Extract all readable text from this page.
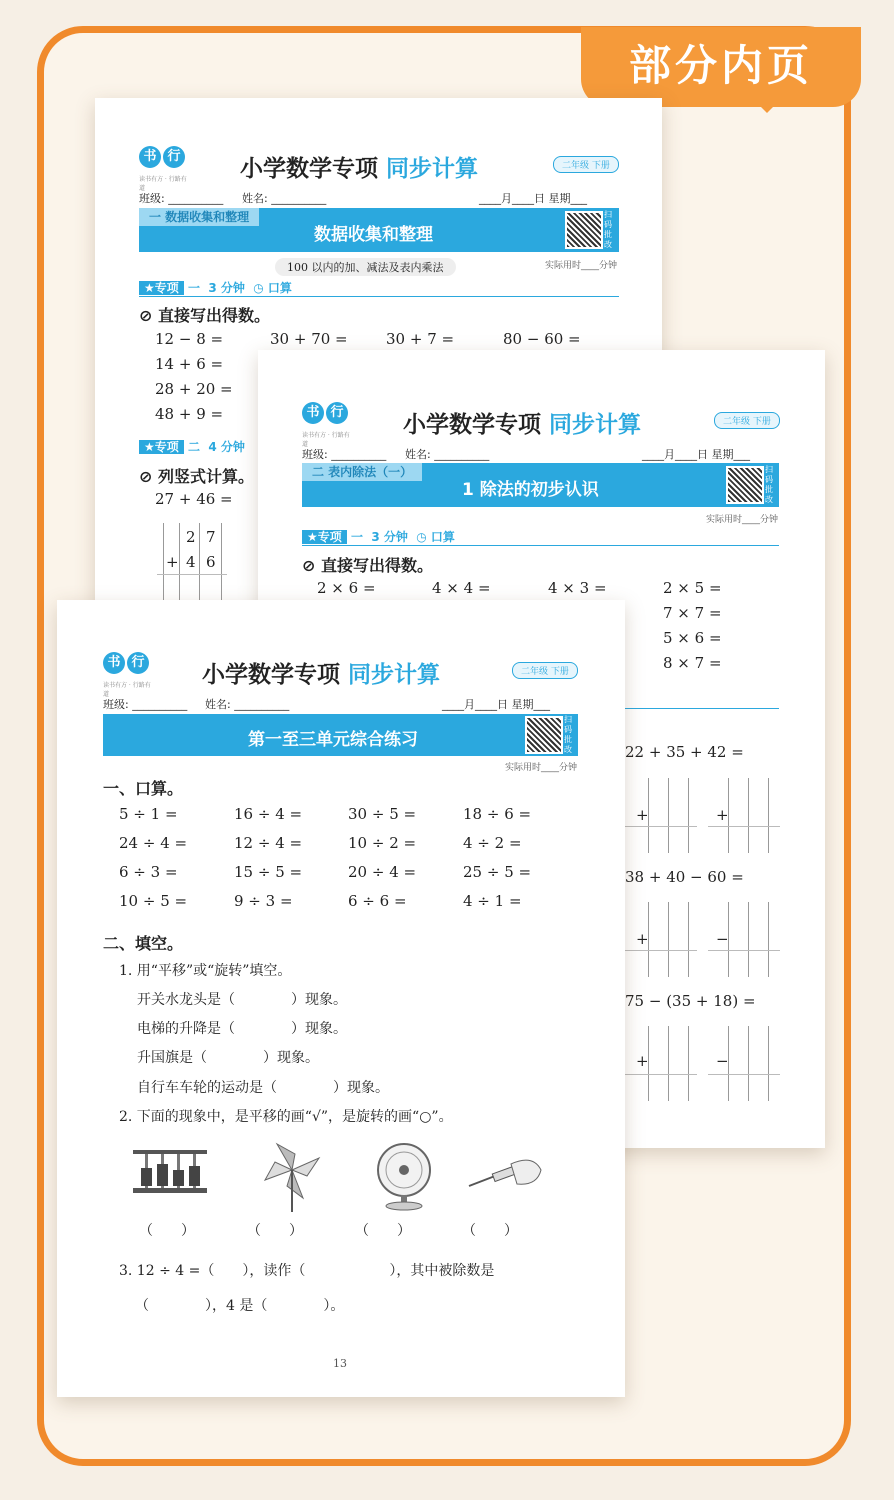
部分内页
书 行
读书有方 · 行路有道
小学数学专项 同步计算	二年级 下册
班级: __________ 姓名: __________	____月____日 星期___
一 数据收集和整理
数据收集和整理
扫码批改
100 以内的加、减法及表内乘法	实际用时____分钟
★专项 一 3 分钟  ◷ 口算
⊘ 直接写出得数。
12 − 8 =	30 + 70 =	30 + 7 =	80 − 60 =
14 + 6 =
28 + 20 =
48 + 9 =
★专项 二 4 分钟
⊘ 列竖式计算。
27 + 46 =
2 7
+ 4 6
书 行
读书有方 · 行路有道
小学数学专项 同步计算	二年级 下册
班级: __________ 姓名: __________	____月____日 星期___
二 表内除法（一）
1 除法的初步认识
扫码批改
实际用时____分钟
★专项 一 3 分钟  ◷ 口算
⊘ 直接写出得数。
2 × 6 =	4 × 4 =	4 × 3 =	2 × 5 =
7 × 7 =
5 × 6 =
8 × 7 =
22 + 35 + 42 =
38 + 40 − 60 =
75 − (35 + 18) =
+	+
+	−
+	−
书 行
读书有方 · 行路有道
小学数学专项 同步计算	二年级 下册
班级: __________ 姓名: __________	____月____日 星期___
第一至三单元综合练习
扫码批改
实际用时____分钟
一、口算。
5 ÷ 1 =	16 ÷ 4 =	30 ÷ 5 =	18 ÷ 6 =
24 ÷ 4 =	12 ÷ 4 =	10 ÷ 2 =	4 ÷ 2 =
6 ÷ 3 =	15 ÷ 5 =	20 ÷ 4 =	25 ÷ 5 =
10 ÷ 5 =	9 ÷ 3 =	6 ÷ 6 =	4 ÷ 1 =
二、填空。
1. 用“平移”或“旋转”填空。
开关水龙头是（　　　　）现象。
电梯的升降是（　　　　）现象。
升国旗是（　　　　）现象。
自行车车轮的运动是（　　　　）现象。
2. 下面的现象中，是平移的画“√”，是旋转的画“○”。
（　　）	（　　）	（　　）	（　　）
3. 12 ÷ 4 =（　　），读作（　　　　　　），其中被除数是
（　　　　），4 是（　　　　）。
13
